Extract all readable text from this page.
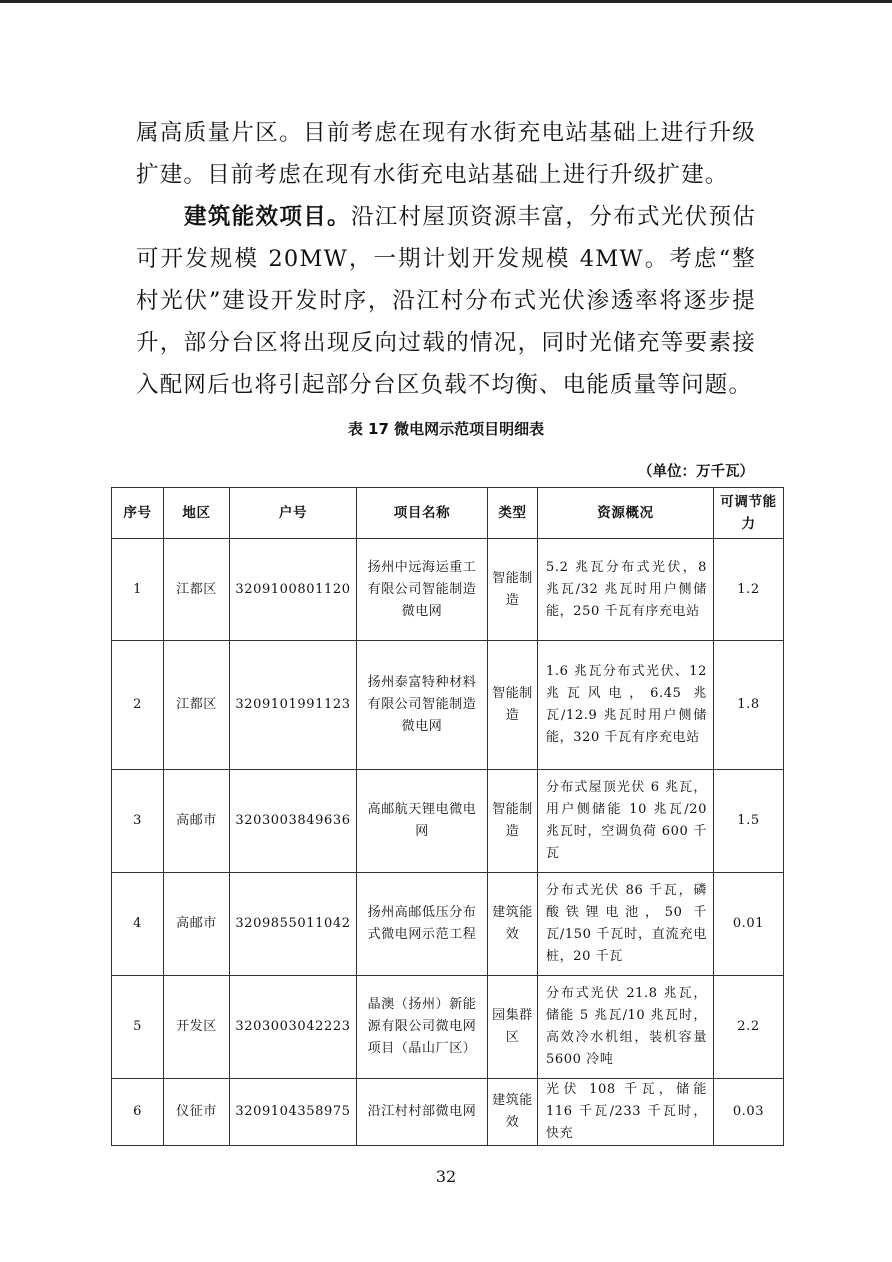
属高质量片区。目前考虑在现有水街充电站基础上进行升级扩建。目前考虑在现有水街充电站基础上进行升级扩建。

建筑能效项目。沿江村屋顶资源丰富，分布式光伏预估可开发规模 20MW，一期计划开发规模 4MW。考虑“整村光伏”建设开发时序，沿江村分布式光伏渗透率将逐步提升，部分台区将出现反向过载的情况，同时光储充等要素接入配网后也将引起部分台区负载不均衡、电能质量等问题。

表 17 微电网示范项目明细表
（单位：万千瓦）
序号	地区	户号	项目名称	类型	资源概况	可调节能力
1	江都区	3209100801120	扬州中远海运重工有限公司智能制造微电网	智能制造	5.2 兆瓦分布式光伏，8 兆瓦/32 兆瓦时用户侧储能，250 千瓦有序充电站	1.2
2	江都区	3209101991123	扬州泰富特种材料有限公司智能制造微电网	智能制造	1.6 兆瓦分布式光伏、12 兆瓦风电，6.45 兆瓦/12.9 兆瓦时用户侧储能，320 千瓦有序充电站	1.8
3	高邮市	3203003849636	高邮航天锂电微电网	智能制造	分布式屋顶光伏 6 兆瓦，用户侧储能 10 兆瓦/20 兆瓦时，空调负荷 600 千瓦	1.5
4	高邮市	3209855011042	扬州高邮低压分布式微电网示范工程	建筑能效	分布式光伏 86 千瓦，磷酸铁锂电池，50 千瓦/150 千瓦时，直流充电桩，20 千瓦	0.01
5	开发区	3203003042223	晶澳（扬州）新能源有限公司微电网项目（晶山厂区）	园集群区	分布式光伏 21.8 兆瓦，储能 5 兆瓦/10 兆瓦时，高效冷水机组，装机容量 5600 冷吨	2.2
6	仪征市	3209104358975	沿江村村部微电网	建筑能效	光伏 108 千瓦，储能 116 千瓦/233 千瓦时，快充	0.03
32
